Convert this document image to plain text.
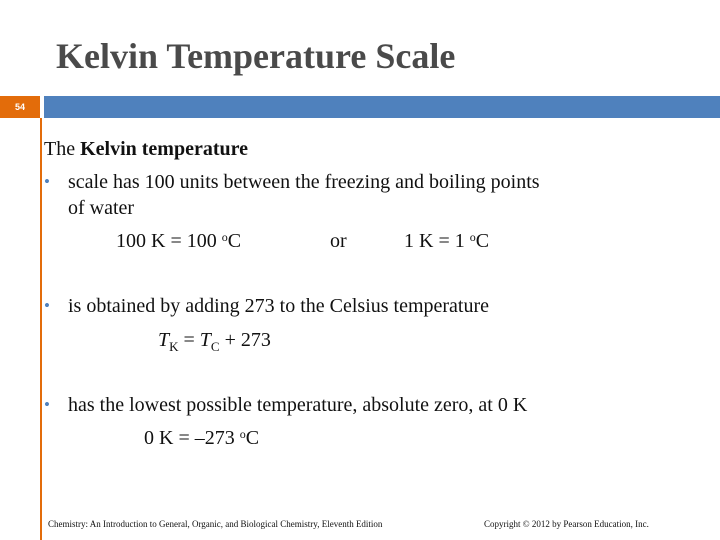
Kelvin Temperature Scale
54
The Kelvin temperature
• scale has 100 units between the freezing and boiling points
of water
100 K = 100 $^o$C	or	1 K = 1 $^o$C
• is obtained by adding 273 to the Celsius temperature
$T_K = T_C + 273$
• has the lowest possible temperature, absolute zero, at 0 K
0 K = –273 $^o$C
Chemistry: An Introduction to General, Organic, and Biological Chemistry, Eleventh Edition	Copyright © 2012 by Pearson Education, Inc.
